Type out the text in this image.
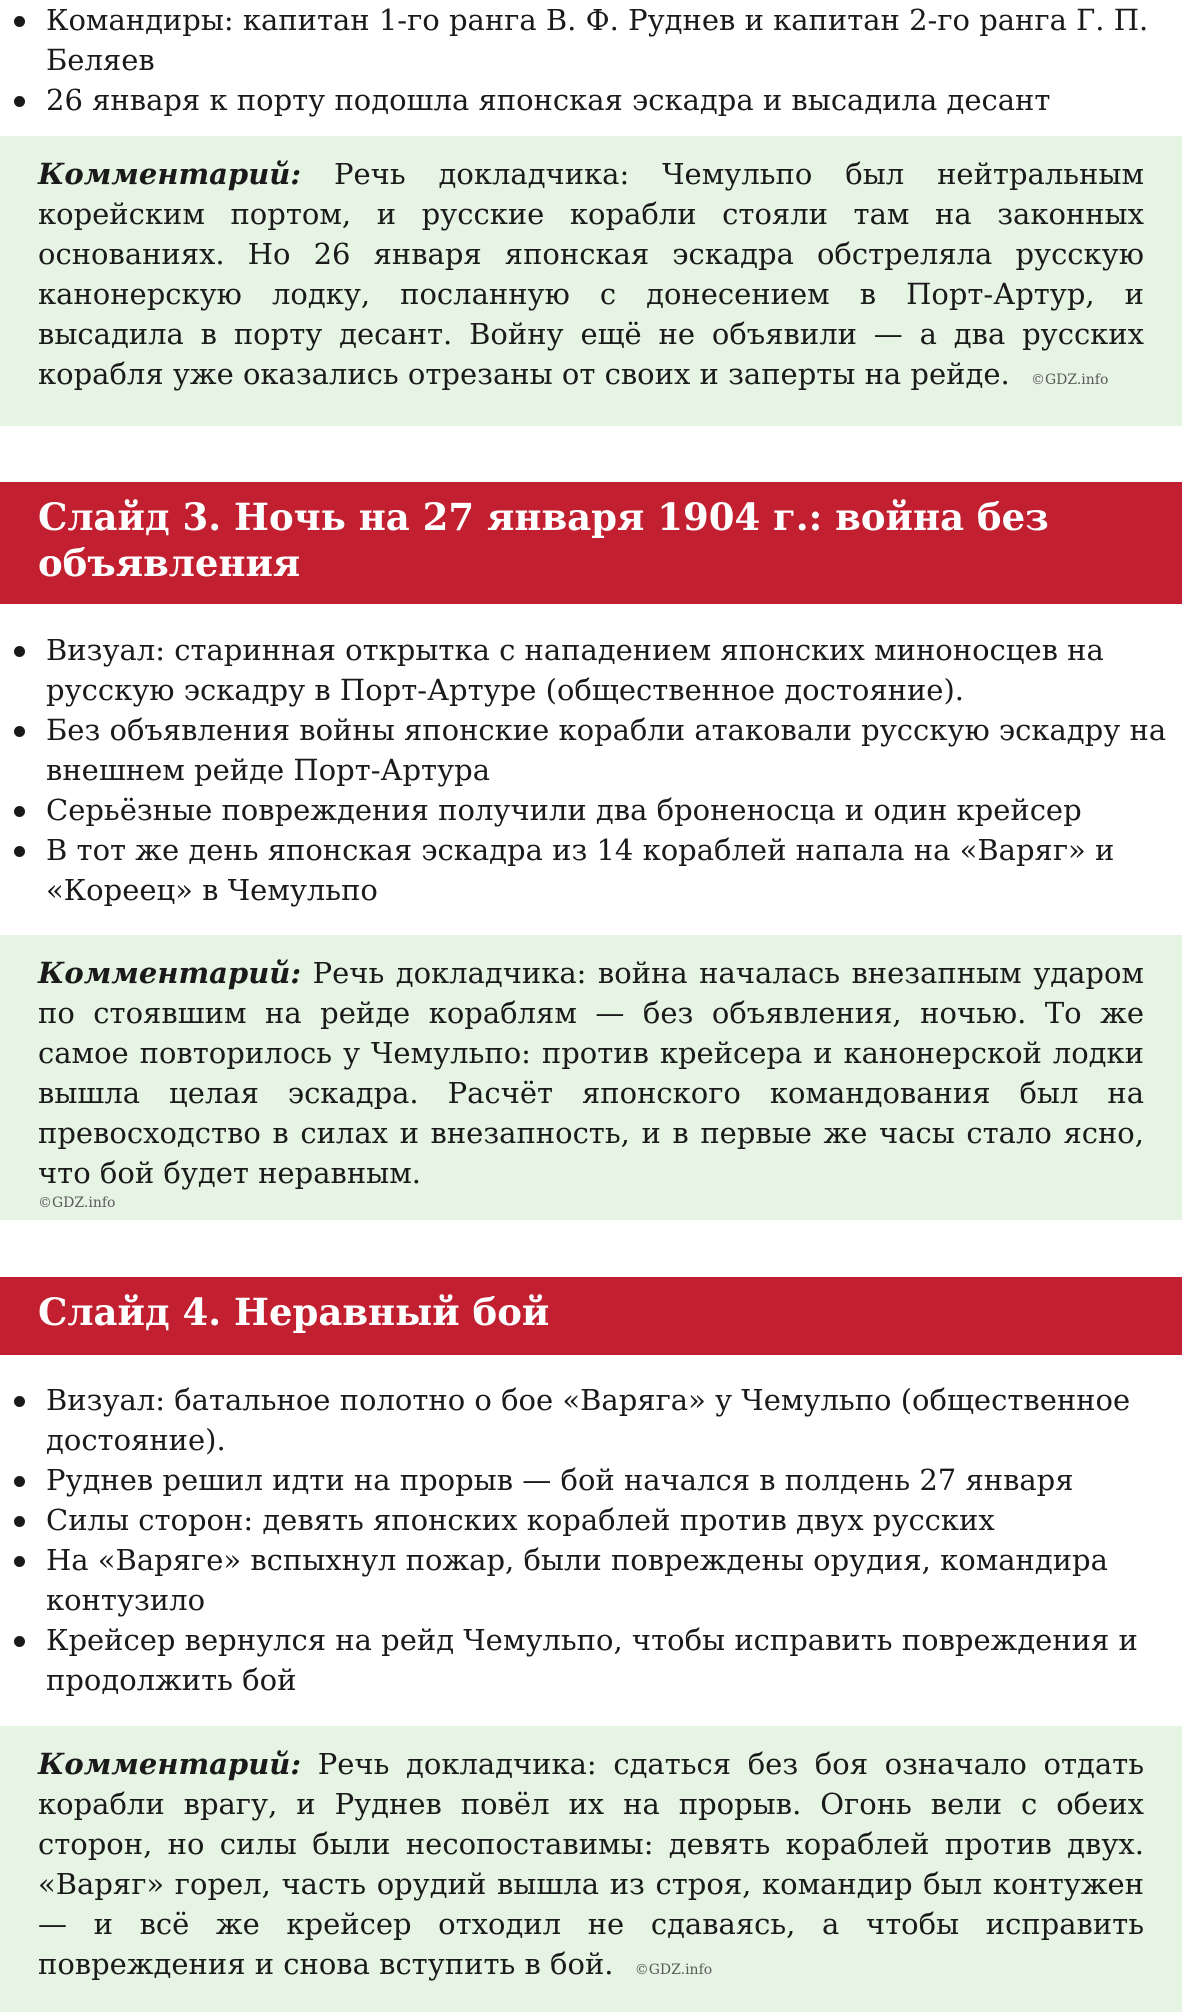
Командиры: капитан 1-го ранга В. Ф. Руднев и капитан 2-го ранга Г. П. Беляев
26 января к порту подошла японская эскадра и высадила десант
Комментарий: Речь докладчика: Чемульпо был нейтральным корейским портом, и русские корабли стояли там на законных основаниях. Но 26 января японская эскадра обстреляла русскую канонерскую лодку, посланную с донесением в Порт-Артур, и высадила в порту десант. Войну ещё не объявили — а два русских корабля уже оказались отрезаны от своих и заперты на рейде. ©GDZ.info
Слайд 3. Ночь на 27 января 1904 г.: война без объявления
Визуал: старинная открытка с нападением японских миноносцев на русскую эскадру в Порт-Артуре (общественное достояние).
Без объявления войны японские корабли атаковали русскую эскадру на внешнем рейде Порт-Артура
Серьёзные повреждения получили два броненосца и один крейсер
В тот же день японская эскадра из 14 кораблей напала на «Варяг» и «Кореец» в Чемульпо
Комментарий: Речь докладчика: война началась внезапным ударом по стоявшим на рейде кораблям — без объявления, ночью. То же самое повторилось у Чемульпо: против крейсера и канонерской лодки вышла целая эскадра. Расчёт японского командования был на превосходство в силах и внезапность, и в первые же часы стало ясно, что бой будет неравным.
©GDZ.info
Слайд 4. Неравный бой
Визуал: батальное полотно о бое «Варяга» у Чемульпо (общественное достояние).
Руднев решил идти на прорыв — бой начался в полдень 27 января
Силы сторон: девять японских кораблей против двух русских
На «Варяге» вспыхнул пожар, были повреждены орудия, командира контузило
Крейсер вернулся на рейд Чемульпо, чтобы исправить повреждения и продолжить бой
Комментарий: Речь докладчика: сдаться без боя означало отдать корабли врагу, и Руднев повёл их на прорыв. Огонь вели с обеих сторон, но силы были несопоставимы: девять кораблей против двух. «Варяг» горел, часть орудий вышла из строя, командир был контужен — и всё же крейсер отходил не сдаваясь, а чтобы исправить повреждения и снова вступить в бой. ©GDZ.info
